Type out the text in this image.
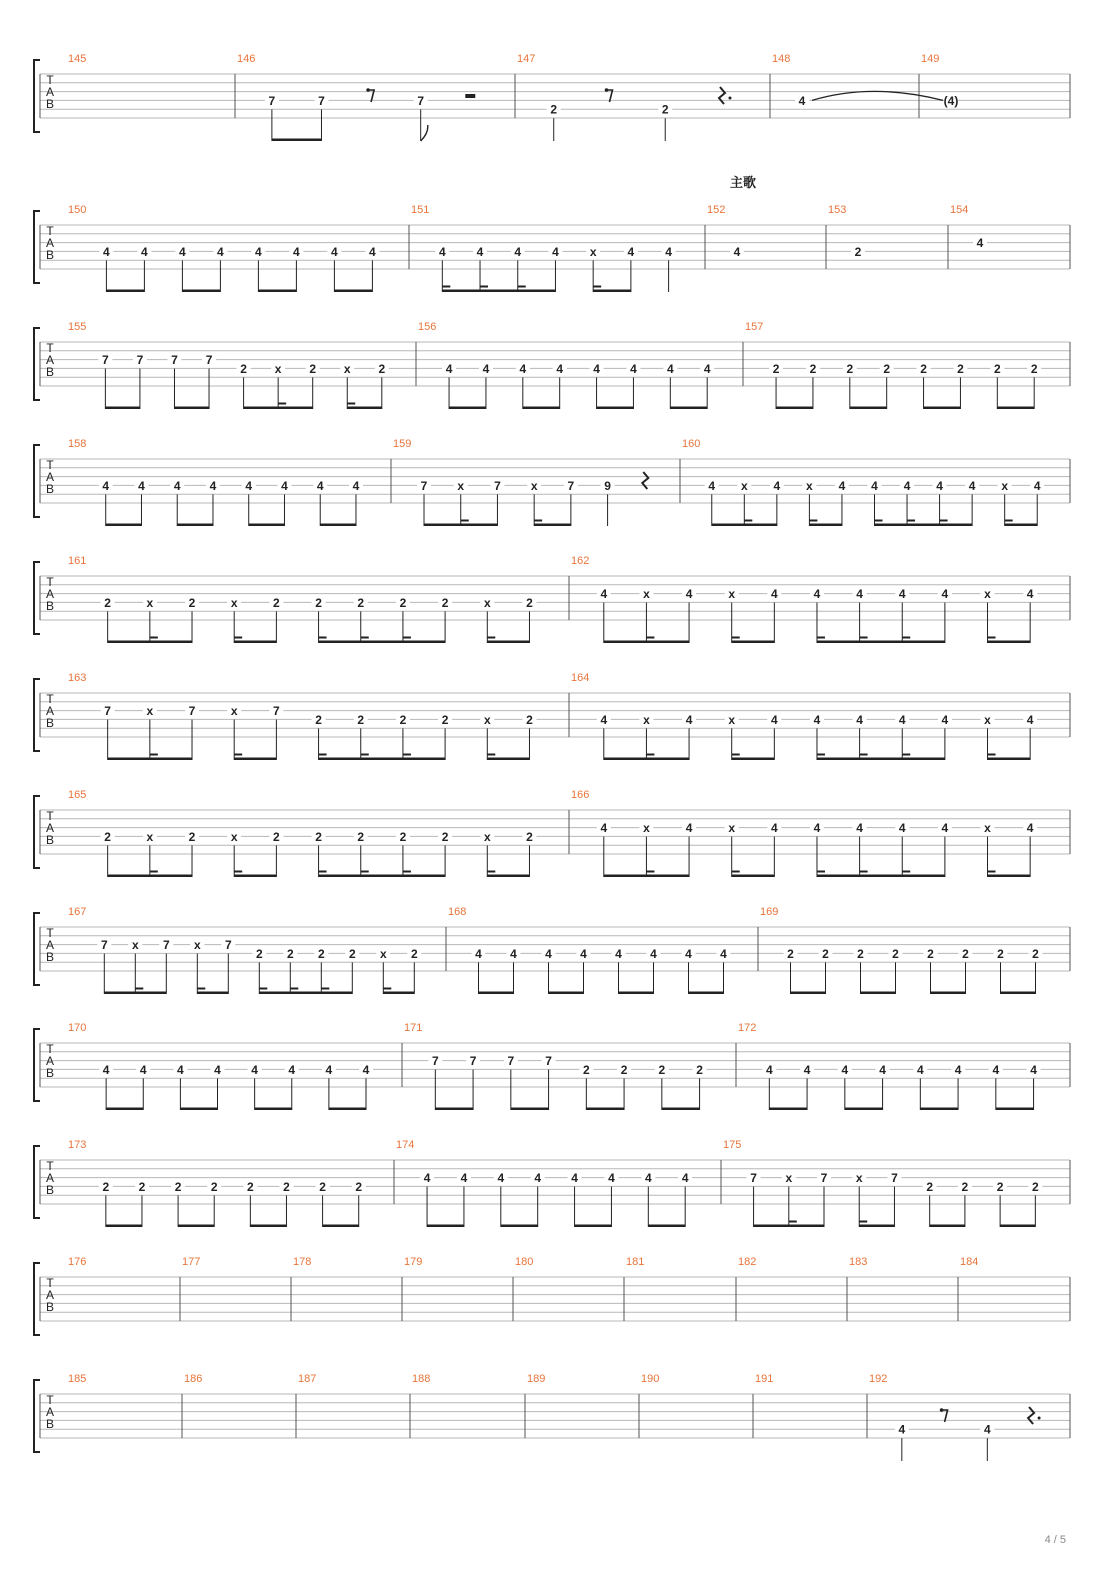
主歌
T
A
B
145	146
7	7	7
147
2	2
148
4
149
(4)
T
A
B
150
4	4	4	4	4	4	4	4
151
4	4	4	4	x	4	4
152
4
153
2
154
4
T
A
B
155
7 7 7 7
2 x 2 x 2
156
4	4	4	4	4	4	4	4
157
2	2	2	2	2	2	2	2
T
A
B
158
4 4 4 4 4 4 4 4
159
7	x	7	x	7	9
160
4 x 4 x 4 4 4 4 4 x 4
T
A
B
161
2	x	2	x	2	2	2	2	2	x	2
162
4	x	4	x	4	4	4	4	4	x	4
T
A
B
163
7	x	7	x	7
2	2	2	2	x	2
164
4	x	4	x	4	4	4	4	4	x	4
T
A
B
165
2	x	2	x	2	2	2	2	2	x	2
166
4	x	4	x	4	4	4	4	4	x	4
T
A
B
167
7 x 7 x 7
2 2 2 2 x 2
168
4 4 4 4 4 4 4 4
169
2 2 2 2 2 2 2 2
T
A
B
170
4	4	4	4	4	4	4	4
171
7	7	7	7
2	2	2	2
172
4	4	4	4	4	4	4	4
T
A
B
173
2 2 2 2 2 2 2 2
174
4	4	4	4	4	4	4	4
175
7 x 7 x 7
2 2 2 2
T
A
B
176	177	178	179	180	181	182	183	184
T
A
B
185	186	187	188	189	190	191	192
4	4
4 / 5
